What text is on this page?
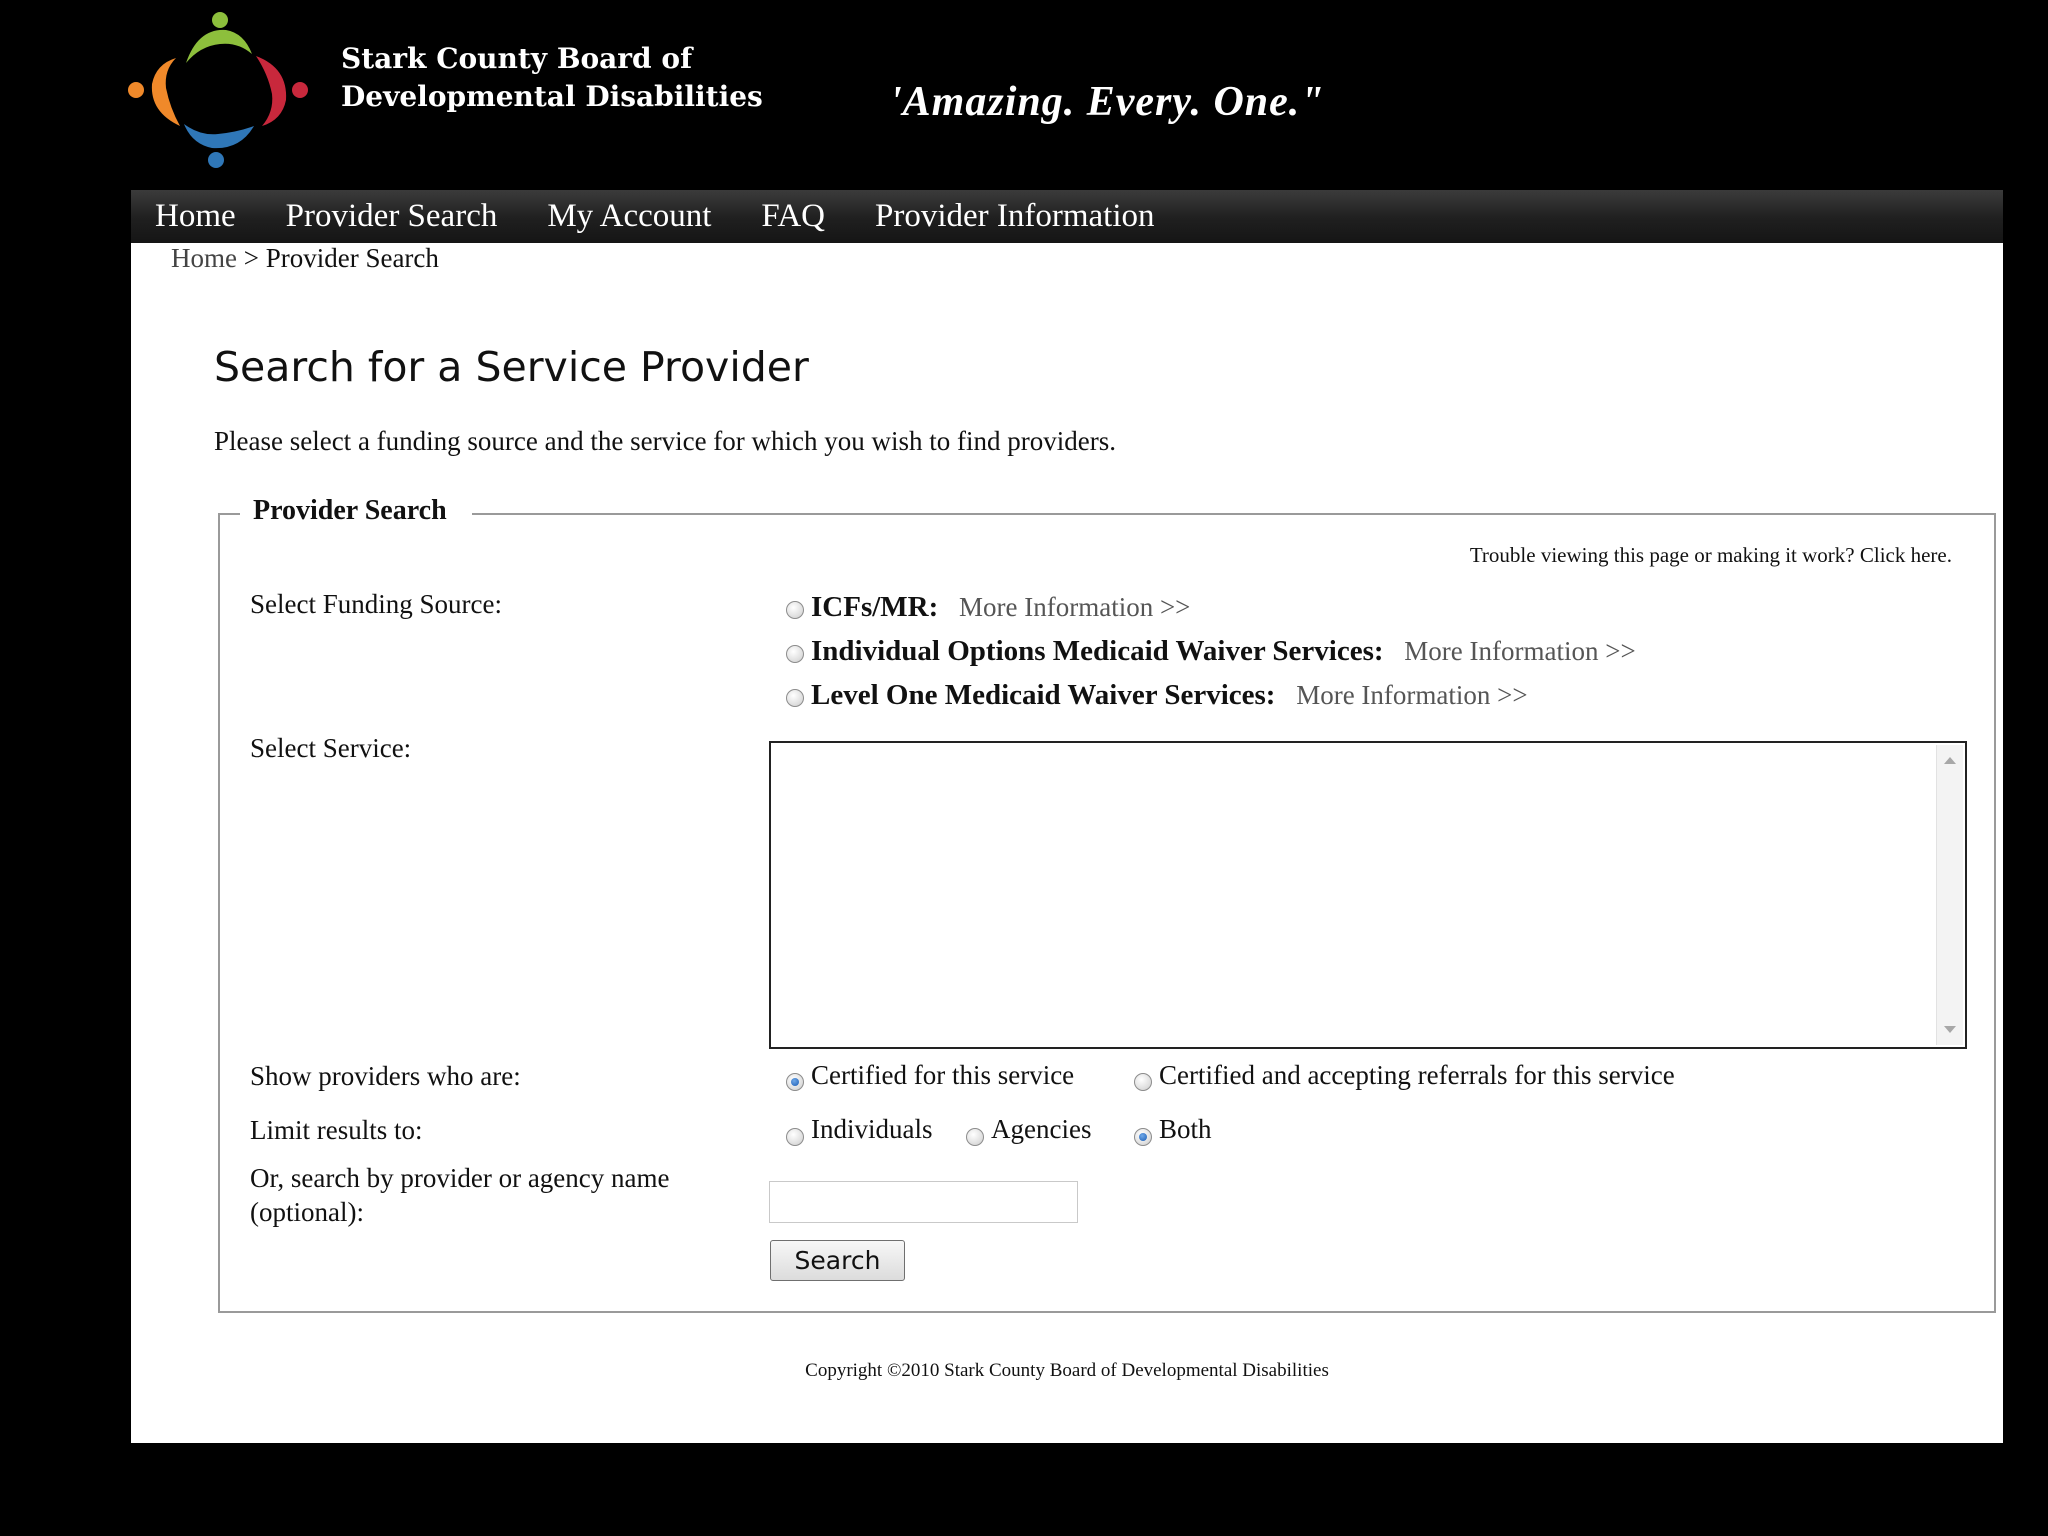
Stark County Board of
Developmental Disabilities	'Amazing. Every. One."
Home Provider Search My Account FAQ Provider Information
Home > Provider Search
Search for a Service Provider
Please select a funding source and the service for which you wish to find providers.
Provider Search
Trouble viewing this page or making it work? Click here.
Select Funding Source:	ICFs/MR: More Information >>
Individual Options Medicaid Waiver Services: More Information >>
Level One Medicaid Waiver Services: More Information >>
Select Service:
Show providers who are:	Certified for this service	Certified and accepting referrals for this service
Limit results to:	Individuals Agencies	Both
Or, search by provider or agency name (optional):
Search
Copyright ©2010 Stark County Board of Developmental Disabilities
